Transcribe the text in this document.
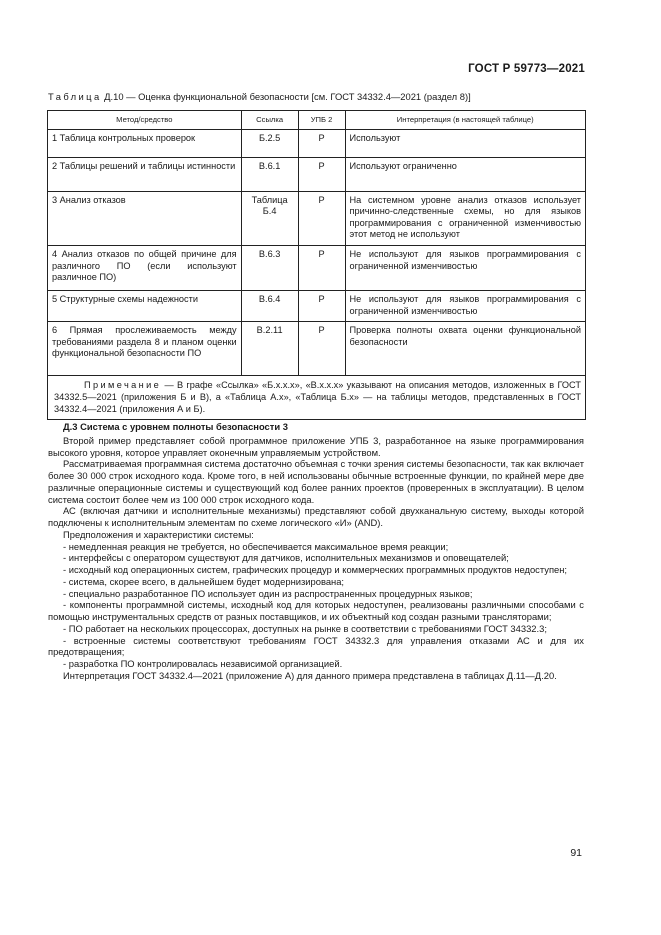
ГОСТ Р 59773—2021
Таблица Д.10 — Оценка функциональной безопасности [см. ГОСТ 34332.4—2021 (раздел 8)]
Метод/средство	Ссылка	УПБ 2	Интерпретация (в настоящей таблице)
1 Таблица контрольных проверок	Б.2.5	Р	Используют
2 Таблицы решений и таблицы истинности	В.6.1	Р	Используют ограниченно
3 Анализ отказов	Таблица Б.4	Р	На системном уровне анализ отказов использует причинно-следственные схемы, но для языков программирования с ограниченной изменчивостью этот метод не используют
4 Анализ отказов по общей причине для различного ПО (если используют различное ПО)	В.6.3	Р	Не используют для языков программирования с ограниченной изменчивостью
5 Структурные схемы надежности	В.6.4	Р	Не используют для языков программирования с ограниченной изменчивостью
6 Прямая прослеживаемость между требованиями раздела 8 и планом оценки функциональной безопасности ПО	В.2.11	Р	Проверка полноты охвата оценки функциональной безопасности
Примечание — В графе «Ссылка» «Б.х.х.х», «В.х.х.х» указывают на описания методов, изложенных в ГОСТ 34332.5—2021 (приложения Б и В), а «Таблица А.х», «Таблица Б.х» — на таблицы методов, представленных в ГОСТ 34332.4—2021 (приложения А и Б).			
Д.3 Система с уровнем полноты безопасности 3

Второй пример представляет собой программное приложение УПБ 3, разработанное на языке программирования высокого уровня, которое управляет оконечным управляемым устройством.

Рассматриваемая программная система достаточно объемная с точки зрения системы безопасности, так как включает более 30 000 строк исходного кода. Кроме того, в ней использованы обычные встроенные функции, по крайней мере две различные операционные системы и существующий код более ранних проектов (проверенных в эксплуатации). В целом система состоит более чем из 100 000 строк исходного кода.

АС (включая датчики и исполнительные механизмы) представляют собой двухканальную систему, выходы которой подключены к исполнительным элементам по схеме логического «И» (AND).

Предположения и характеристики системы:

- немедленная реакция не требуется, но обеспечивается максимальное время реакции;

- интерфейсы с оператором существуют для датчиков, исполнительных механизмов и оповещателей;

- исходный код операционных систем, графических процедур и коммерческих программных продуктов недоступен;

- система, скорее всего, в дальнейшем будет модернизирована;

- специально разработанное ПО использует один из распространенных процедурных языков;

- компоненты программной системы, исходный код для которых недоступен, реализованы различными способами с помощью инструментальных средств от разных поставщиков, и их объектный код создан разными трансляторами;

- ПО работает на нескольких процессорах, доступных на рынке в соответствии с требованиями ГОСТ 34332.3;

- встроенные системы соответствуют требованиям ГОСТ 34332.3 для управления отказами АС и для их предотвращения;

- разработка ПО контролировалась независимой организацией.

Интерпретация ГОСТ 34332.4—2021 (приложение А) для данного примера представлена в таблицах Д.11—Д.20.

91
